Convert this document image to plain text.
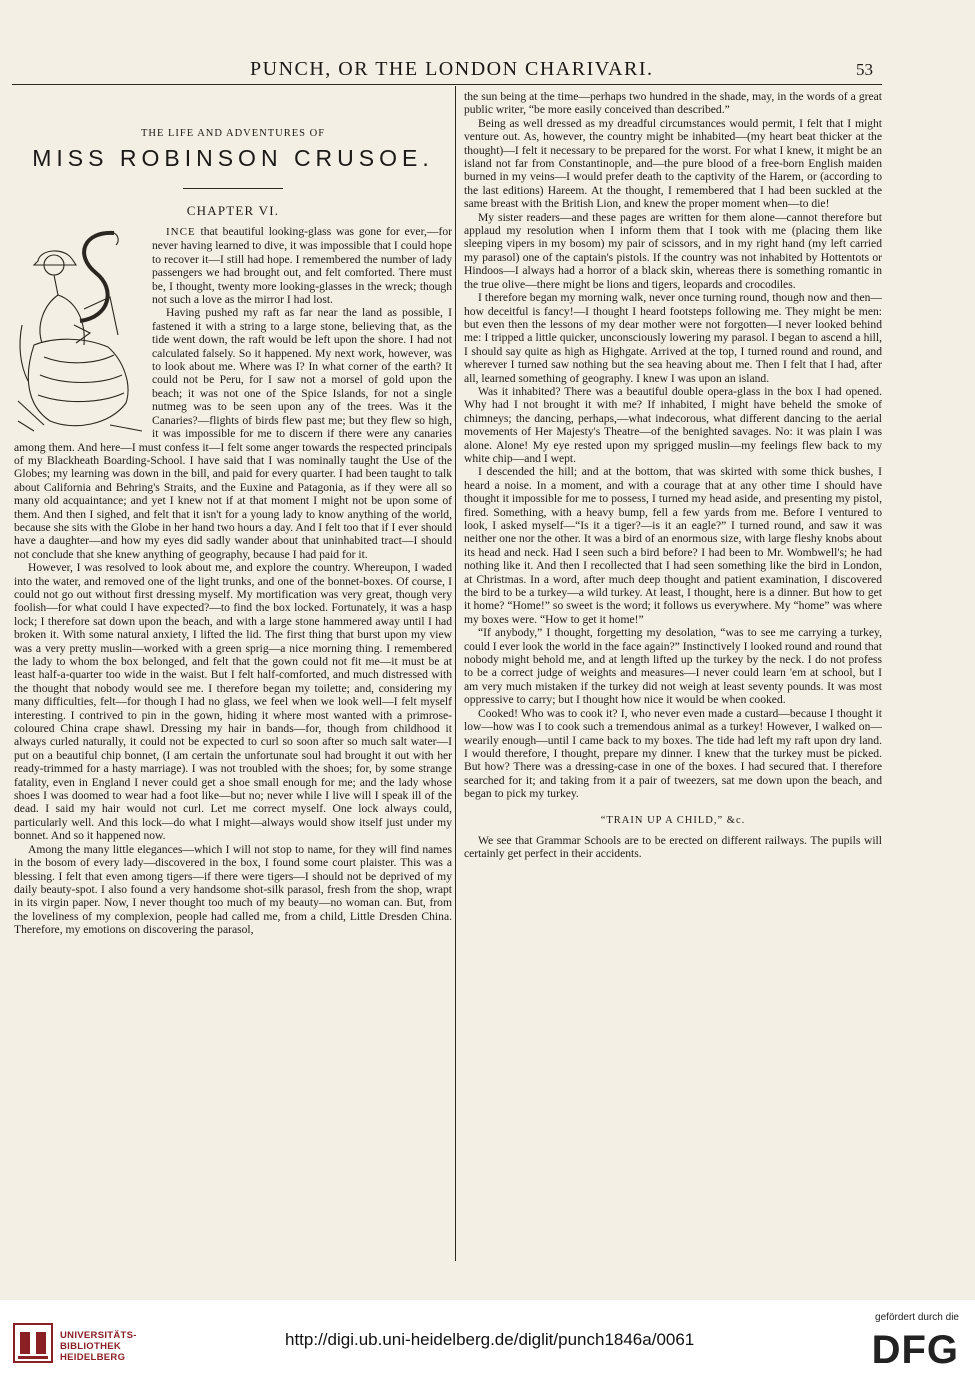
PUNCH, OR THE LONDON CHARIVARI.	53
THE LIFE AND ADVENTURES OF
MISS ROBINSON CRUSOE.
CHAPTER VI.

INCE that beautiful looking-glass was gone for ever,—for never having learned to dive, it was impossible that I could hope to recover it—I still had hope. I remembered the number of lady passengers we had brought out, and felt comforted. There must be, I thought, twenty more looking-glasses in the wreck; though not such a love as the mirror I had lost.

Having pushed my raft as far near the land as possible, I fastened it with a string to a large stone, believing that, as the tide went down, the raft would be left upon the shore. I had not calculated falsely. So it happened. My next work, however, was to look about me. Where was I? In what corner of the earth? It could not be Peru, for I saw not a morsel of gold upon the beach; it was not one of the Spice Islands, for not a single nutmeg was to be seen upon any of the trees. Was it the Canaries?—flights of birds flew past me; but they flew so high, it was impossible for me to discern if there were any canaries among them. And here—I must confess it—I felt some anger towards the respected principals of my Blackheath Boarding-School. I have said that I was nominally taught the Use of the Globes; my learning was down in the bill, and paid for every quarter. I had been taught to talk about California and Behring's Straits, and the Euxine and Patagonia, as if they were all so many old acquaintance; and yet I knew not if at that moment I might not be upon some of them. And then I sighed, and felt that it isn't for a young lady to know anything of the world, because she sits with the Globe in her hand two hours a day. And I felt too that if I ever should have a daughter—and how my eyes did sadly wander about that uninhabited tract—I should not conclude that she knew anything of geography, because I had paid for it.

However, I was resolved to look about me, and explore the country. Whereupon, I waded into the water, and removed one of the light trunks, and one of the bonnet-boxes. Of course, I could not go out without first dressing myself. My mortification was very great, though very foolish—for what could I have expected?—to find the box locked. Fortunately, it was a hasp lock; I therefore sat down upon the beach, and with a large stone hammered away until I had broken it. With some natural anxiety, I lifted the lid. The first thing that burst upon my view was a very pretty muslin—worked with a green sprig—a nice morning thing. I remembered the lady to whom the box belonged, and felt that the gown could not fit me—it must be at least half-a-quarter too wide in the waist. But I felt half-comforted, and much distressed with the thought that nobody would see me. I therefore began my toilette; and, considering my many difficulties, felt—for though I had no glass, we feel when we look well—I felt myself interesting. I contrived to pin in the gown, hiding it where most wanted with a primrose-coloured China crape shawl. Dressing my hair in bands—for, though from childhood it always curled naturally, it could not be expected to curl so soon after so much salt water—I put on a beautiful chip bonnet, (I am certain the unfortunate soul had brought it out with her ready-trimmed for a hasty marriage). I was not troubled with the shoes; for, by some strange fatality, even in England I never could get a shoe small enough for me; and the lady whose shoes I was doomed to wear had a foot like—but no; never while I live will I speak ill of the dead. I said my hair would not curl. Let me correct myself. One lock always could, particularly well. And this lock—do what I might—always would show itself just under my bonnet. And so it happened now.

Among the many little elegances—which I will not stop to name, for they will find names in the bosom of every lady—discovered in the box, I found some court plaister. This was a blessing. I felt that even among tigers—if there were tigers—I should not be deprived of my daily beauty-spot. I also found a very handsome shot-silk parasol, fresh from the shop, wrapt in its virgin paper. Now, I never thought too much of my beauty—no woman can. But, from the loveliness of my complexion, people had called me, from a child, Little Dresden China. Therefore, my emotions on discovering the parasol,

the sun being at the time—perhaps two hundred in the shade, may, in the words of a great public writer, “be more easily conceived than described.”

Being as well dressed as my dreadful circumstances would permit, I felt that I might venture out. As, however, the country might be inhabited—(my heart beat thicker at the thought)—I felt it necessary to be prepared for the worst. For what I knew, it might be an island not far from Constantinople, and—the pure blood of a free-born English maiden burned in my veins—I would prefer death to the captivity of the Harem, or (according to the last editions) Hareem. At the thought, I remembered that I had been suckled at the same breast with the British Lion, and knew the proper moment when—to die!

My sister readers—and these pages are written for them alone—cannot therefore but applaud my resolution when I inform them that I took with me (placing them like sleeping vipers in my bosom) my pair of scissors, and in my right hand (my left carried my parasol) one of the captain's pistols. If the country was not inhabited by Hottentots or Hindoos—I always had a horror of a black skin, whereas there is something romantic in the true olive—there might be lions and tigers, leopards and crocodiles.

I therefore began my morning walk, never once turning round, though now and then—how deceitful is fancy!—I thought I heard footsteps following me. They might be men: but even then the lessons of my dear mother were not forgotten—I never looked behind me: I tripped a little quicker, unconsciously lowering my parasol. I began to ascend a hill, I should say quite as high as Highgate. Arrived at the top, I turned round and round, and wherever I turned saw nothing but the sea heaving about me. Then I felt that I had, after all, learned something of geography. I knew I was upon an island.

Was it inhabited? There was a beautiful double opera-glass in the box I had opened. Why had I not brought it with me? If inhabited, I might have beheld the smoke of chimneys; the dancing, perhaps,—what indecorous, what different dancing to the aerial movements of Her Majesty's Theatre—of the benighted savages. No: it was plain I was alone. Alone! My eye rested upon my sprigged muslin—my feelings flew back to my white chip—and I wept.

I descended the hill; and at the bottom, that was skirted with some thick bushes, I heard a noise. In a moment, and with a courage that at any other time I should have thought it impossible for me to possess, I turned my head aside, and presenting my pistol, fired. Something, with a heavy bump, fell a few yards from me. Before I ventured to look, I asked myself—“Is it a tiger?—is it an eagle?” I turned round, and saw it was neither one nor the other. It was a bird of an enormous size, with large fleshy knobs about its head and neck. Had I seen such a bird before? I had been to Mr. Wombwell's; he had nothing like it. And then I recollected that I had seen something like the bird in London, at Christmas. In a word, after much deep thought and patient examination, I discovered the bird to be a turkey—a wild turkey. At least, I thought, here is a dinner. But how to get it home? “Home!” so sweet is the word; it follows us everywhere. My “home” was where my boxes were. “How to get it home!”

“If anybody,” I thought, forgetting my desolation, “was to see me carrying a turkey, could I ever look the world in the face again?” Instinctively I looked round and round that nobody might behold me, and at length lifted up the turkey by the neck. I do not profess to be a correct judge of weights and measures—I never could learn 'em at school, but I am very much mistaken if the turkey did not weigh at least seventy pounds. It was most oppressive to carry; but I thought how nice it would be when cooked.

Cooked! Who was to cook it? I, who never even made a custard—because I thought it low—how was I to cook such a tremendous animal as a turkey! However, I walked on—wearily enough—until I came back to my boxes. The tide had left my raft upon dry land. I would therefore, I thought, prepare my dinner. I knew that the turkey must be picked. But how? There was a dressing-case in one of the boxes. I had secured that. I therefore searched for it; and taking from it a pair of tweezers, sat me down upon the beach, and began to pick my turkey.

“TRAIN UP A CHILD,” &c.

We see that Grammar Schools are to be erected on different railways. The pupils will certainly get perfect in their accidents.

UNIVERSITÄTS-
BIBLIOTHEK
HEIDELBERG
http://digi.ub.uni-heidelberg.de/diglit/punch1846a/0061
gefördert durch die
DFG
